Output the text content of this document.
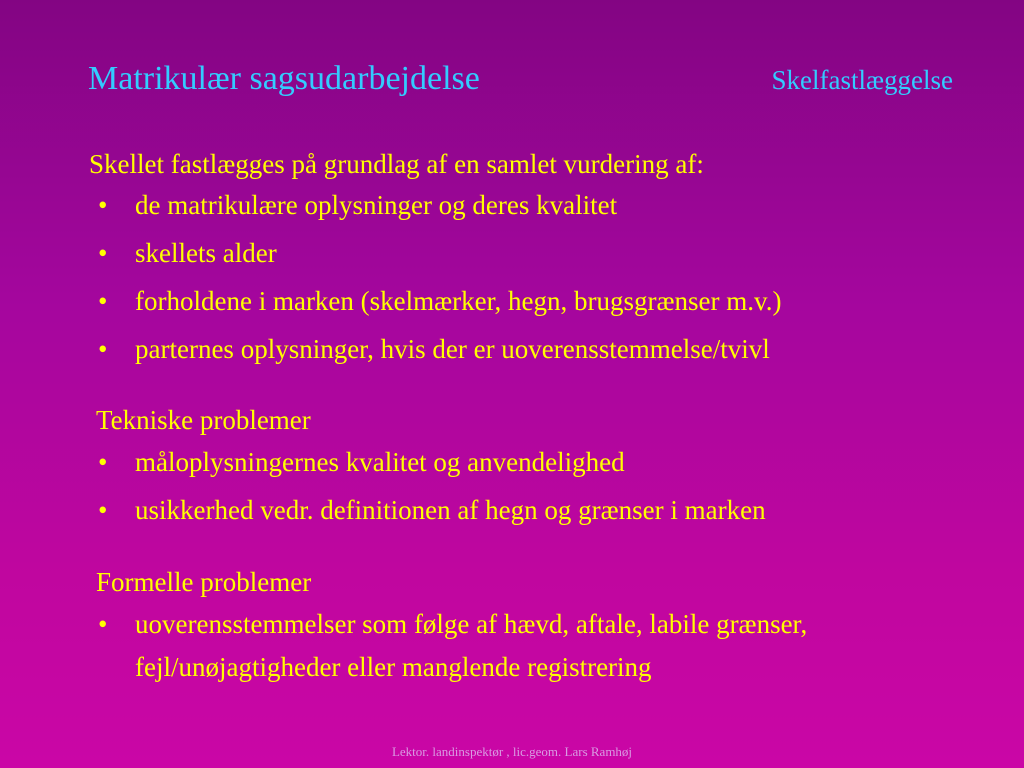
Matrikulær sagsudarbejdelse	Skelfastlæggelse
Skellet fastlægges på grundlag af en samlet vurdering af:
• de matrikulære oplysninger og deres kvalitet
• skellets alder
• forholdene i marken (skelmærker, hegn, brugsgrænser m.v.)
• parternes oplysninger, hvis der er uoverensstemmelse/tvivl
Tekniske problemer
• måloplysningernes kvalitet og anvendelighed
• usikkerhed vedr. definitionen af hegn og grænser i marken
Formelle problemer
• uoverensstemmelser som følge af hævd, aftale, labile grænser, fejl/unøjagtigheder eller manglende registrering
Lektor. landinspektør , lic.geom. Lars Ramhøj
